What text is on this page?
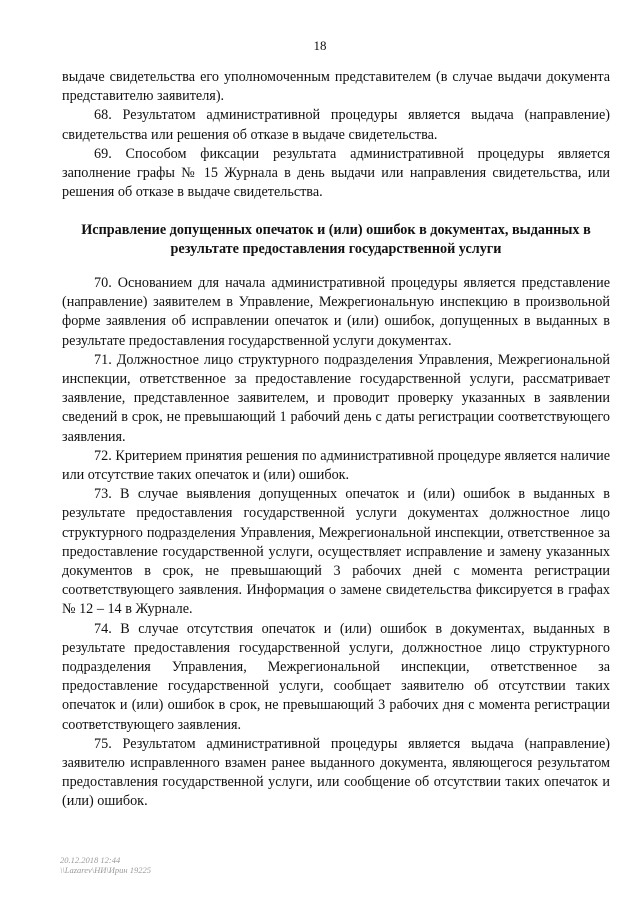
18

выдаче свидетельства его уполномоченным представителем (в случае выдачи документа представителю заявителя).

68. Результатом административной процедуры является выдача (направление) свидетельства или решения об отказе в выдаче свидетельства.

69. Способом фиксации результата административной процедуры является заполнение графы № 15 Журнала в день выдачи или направления свидетельства, или решения об отказе в выдаче свидетельства.

Исправление допущенных опечаток и (или) ошибок в документах, выданных в результате предоставления государственной услуги

70. Основанием для начала административной процедуры является представление (направление) заявителем в Управление, Межрегиональную инспекцию в произвольной форме заявления об исправлении опечаток и (или) ошибок, допущенных в выданных в результате предоставления государственной услуги документах.

71. Должностное лицо структурного подразделения Управления, Межрегиональной инспекции, ответственное за предоставление государственной услуги, рассматривает заявление, представленное заявителем, и проводит проверку указанных в заявлении сведений в срок, не превышающий 1 рабочий день с даты регистрации соответствующего заявления.

72. Критерием принятия решения по административной процедуре является наличие или отсутствие таких опечаток и (или) ошибок.

73. В случае выявления допущенных опечаток и (или) ошибок в выданных в результате предоставления государственной услуги документах должностное лицо структурного подразделения Управления, Межрегиональной инспекции, ответственное за предоставление государственной услуги, осуществляет исправление и замену указанных документов в срок, не превышающий 3 рабочих дней с момента регистрации соответствующего заявления. Информация о замене свидетельства фиксируется в графах № 12 – 14 в Журнале.

74. В случае отсутствия опечаток и (или) ошибок в документах, выданных в результате предоставления государственной услуги, должностное лицо структурного подразделения Управления, Межрегиональной инспекции, ответственное за предоставление государственной услуги, сообщает заявителю об отсутствии таких опечаток и (или) ошибок в срок, не превышающий 3 рабочих дня с момента регистрации соответствующего заявления.

75. Результатом административной процедуры является выдача (направление) заявителю исправленного взамен ранее выданного документа, являющегося результатом предоставления государственной услуги, или сообщение об отсутствии таких опечаток и (или) ошибок.

20.12.2018 12:44
\\Lazarev\НИ\Ирин 19225
